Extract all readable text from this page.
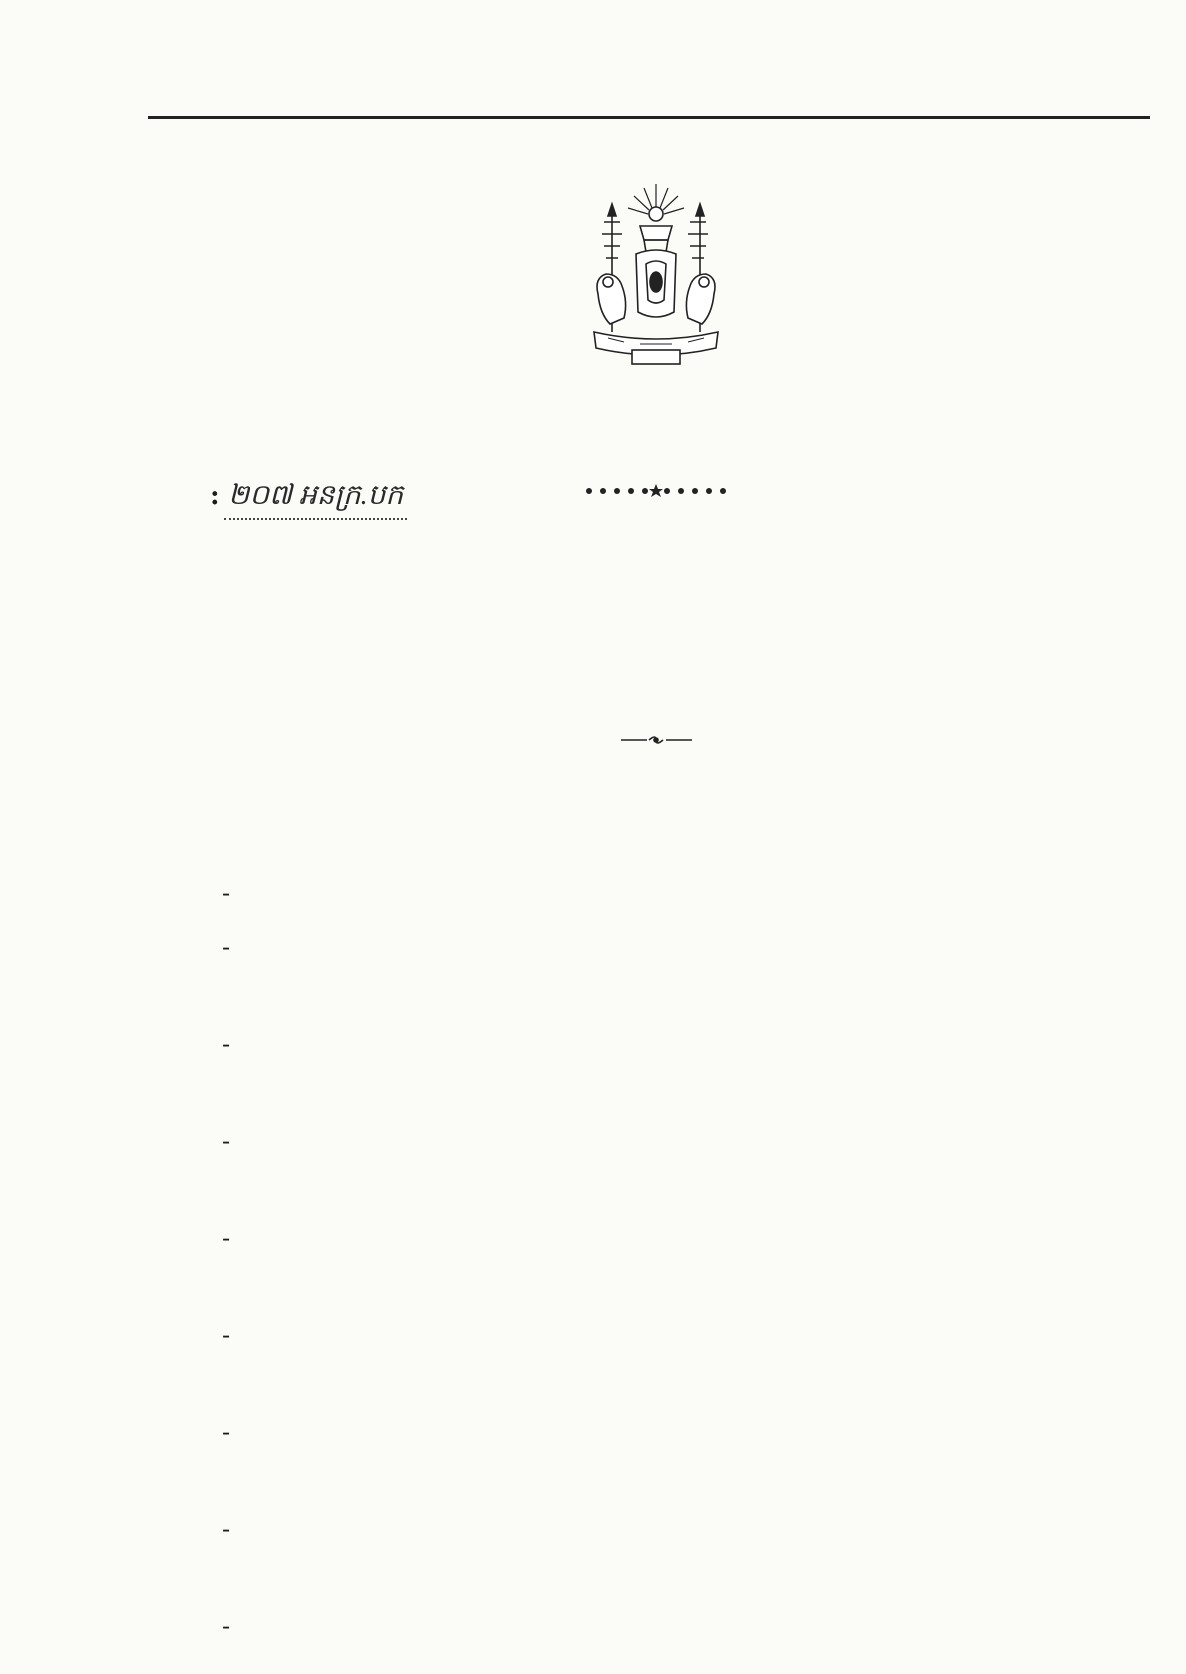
: ២០៧ អនក្រ.បក
-
-
-
-
-
-
-
-
-
